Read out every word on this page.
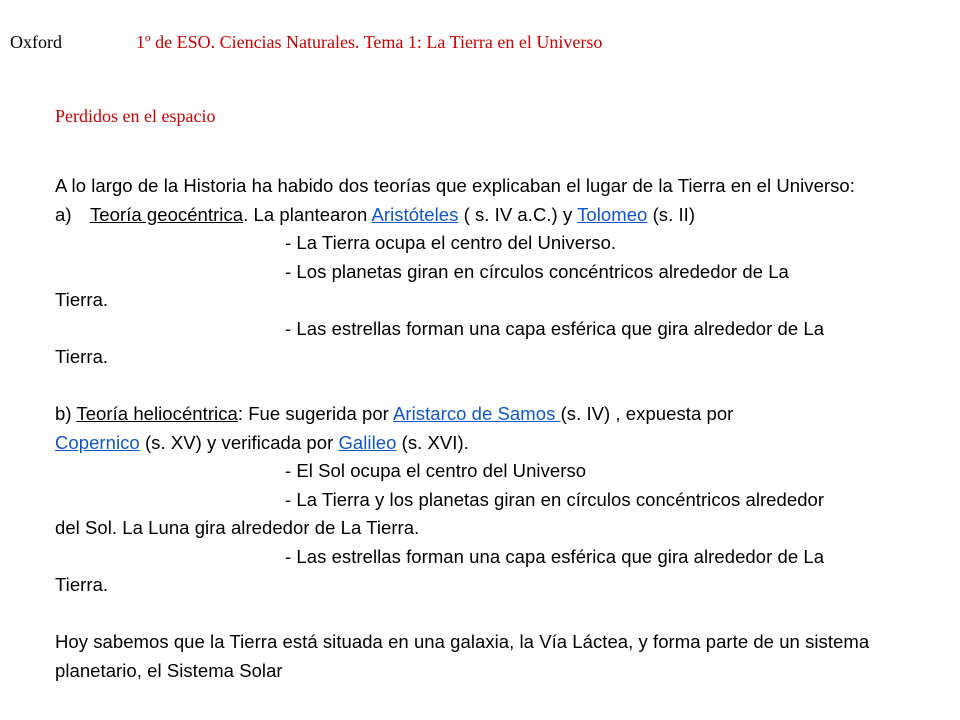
Oxford	1º de ESO. Ciencias Naturales. Tema 1: La Tierra en el Universo
Perdidos en el espacio

A lo largo de la Historia ha habido dos teorías que explicaban el lugar de la Tierra en el Universo:

a) Teoría geocéntrica. La plantearon Aristóteles ( s. IV a.C.) y Tolomeo (s. II)

- La Tierra ocupa el centro del Universo.

- Los planetas giran en círculos concéntricos alrededor de La

Tierra.

- Las estrellas forman una capa esférica que gira alrededor de La

Tierra.

b) Teoría heliocéntrica: Fue sugerida por Aristarco de Samos (s. IV) , expuesta por
Copernico (s. XV) y verificada por Galileo (s. XVI).

- El Sol ocupa el centro del Universo

- La Tierra y los planetas giran en círculos concéntricos alrededor

del Sol. La Luna gira alrededor de La Tierra.

- Las estrellas forman una capa esférica que gira alrededor de La

Tierra.

Hoy sabemos que la Tierra está situada en una galaxia, la Vía Láctea, y forma parte de un sistema planetario, el Sistema Solar
